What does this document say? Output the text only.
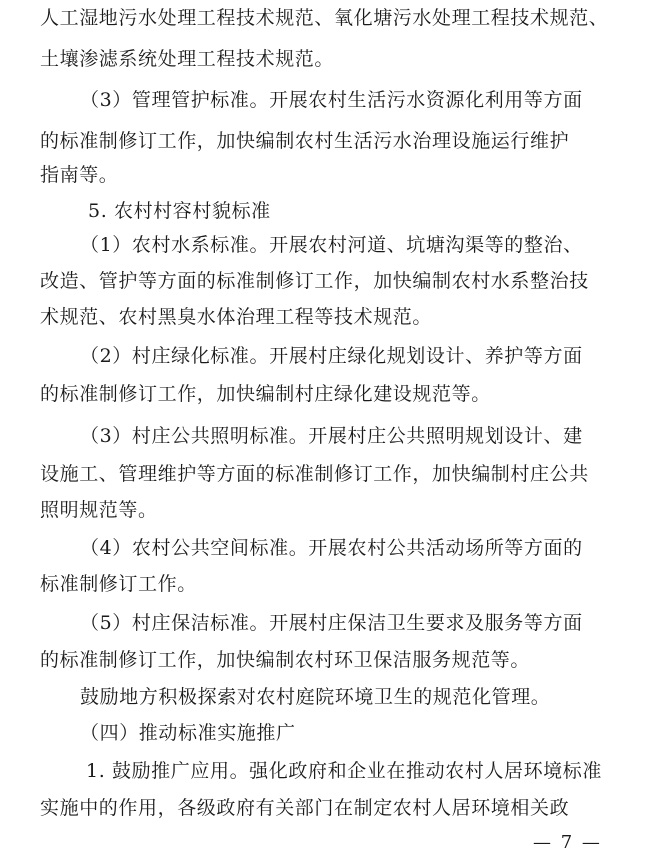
人工湿地污水处理工程技术规范、氧化塘污水处理工程技术规范、
土壤渗滤系统处理工程技术规范。
（3）管理管护标准。开展农村生活污水资源化利用等方面
的标准制修订工作，加快编制农村生活污水治理设施运行维护
指南等。
5. 农村村容村貌标准
（1）农村水系标准。开展农村河道、坑塘沟渠等的整治、
改造、管护等方面的标准制修订工作，加快编制农村水系整治技
术规范、农村黑臭水体治理工程等技术规范。
（2）村庄绿化标准。开展村庄绿化规划设计、养护等方面
的标准制修订工作，加快编制村庄绿化建设规范等。
（3）村庄公共照明标准。开展村庄公共照明规划设计、建
设施工、管理维护等方面的标准制修订工作，加快编制村庄公共
照明规范等。
（4）农村公共空间标准。开展农村公共活动场所等方面的
标准制修订工作。
（5）村庄保洁标准。开展村庄保洁卫生要求及服务等方面
的标准制修订工作，加快编制农村环卫保洁服务规范等。
鼓励地方积极探索对农村庭院环境卫生的规范化管理。
（四）推动标准实施推广
1. 鼓励推广应用。强化政府和企业在推动农村人居环境标准
实施中的作用，各级政府有关部门在制定农村人居环境相关政
— 7 —
